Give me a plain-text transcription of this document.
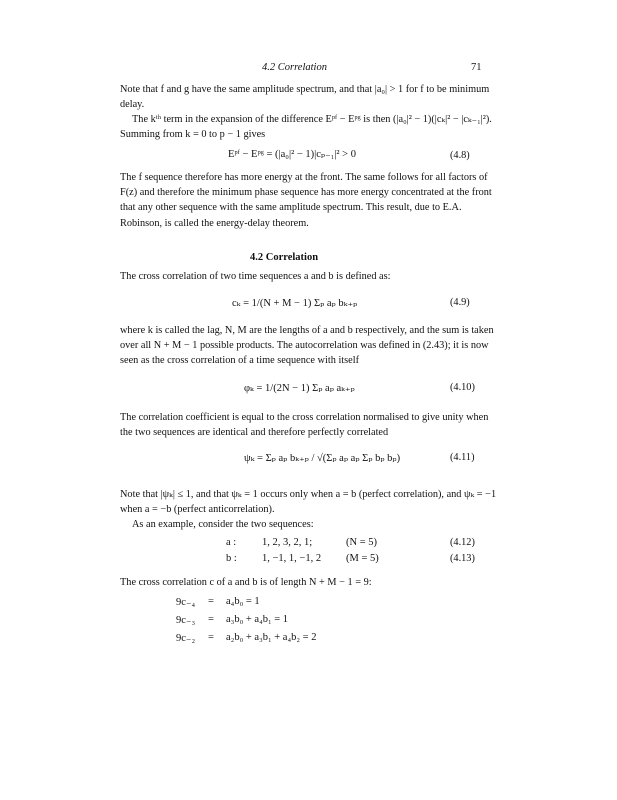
4.2 Correlation	71
Note that f and g have the same amplitude spectrum, and that |a₀| > 1 for f to be minimum delay.
The kᵗʰ term in the expansion of the difference Eᵖᶠ − Eᵖᵍ is then (|a₀|² − 1)(|cₖ|² − |cₖ₋₁|²). Summing from k = 0 to p − 1 gives
Eᵖᶠ − Eᵖᵍ = (|a₀|² − 1)|cₚ₋₁|² > 0	(4.8)
The f sequence therefore has more energy at the front. The same follows for all factors of F(z) and therefore the minimum phase sequence has more energy concentrated at the front that any other sequence with the same amplitude spectrum. This result, due to E.A. Robinson, is called the energy-delay theorem.
4.2 Correlation
The cross correlation of two time sequences a and b is defined as:
cₖ = 1/(N + M − 1) Σₚ aₚ bₖ₊ₚ	(4.9)
where k is called the lag, N, M are the lengths of a and b respectively, and the sum is taken over all N + M − 1 possible products. The autocorrelation was defined in (2.43); it is now seen as the cross correlation of a time sequence with itself
φₖ = 1/(2N − 1) Σₚ aₚ aₖ₊ₚ	(4.10)
The correlation coefficient is equal to the cross correlation normalised to give unity when the two sequences are identical and therefore perfectly correlated
ψₖ = Σₚ aₚ bₖ₊ₚ / √(Σₚ aₚ aₚ Σₚ bₚ bₚ)	(4.11)
Note that |ψₖ| ≤ 1, and that ψₖ = 1 occurs only when a = b (perfect correlation), and ψₖ = −1 when a = −b (perfect anticorrelation).
As an example, consider the two sequences:
a : 1, 2, 3, 2, 1;	(N = 5)	(4.12)
b : 1, −1, 1, −1, 2 (M = 5)	(4.13)
The cross correlation c of a and b is of length N + M − 1 = 9:
9c₋₄ = a₄b₀ = 1
9c₋₃ = a₃b₀ + a₄b₁ = 1
9c₋₂ = a₂b₀ + a₃b₁ + a₄b₂ = 2
